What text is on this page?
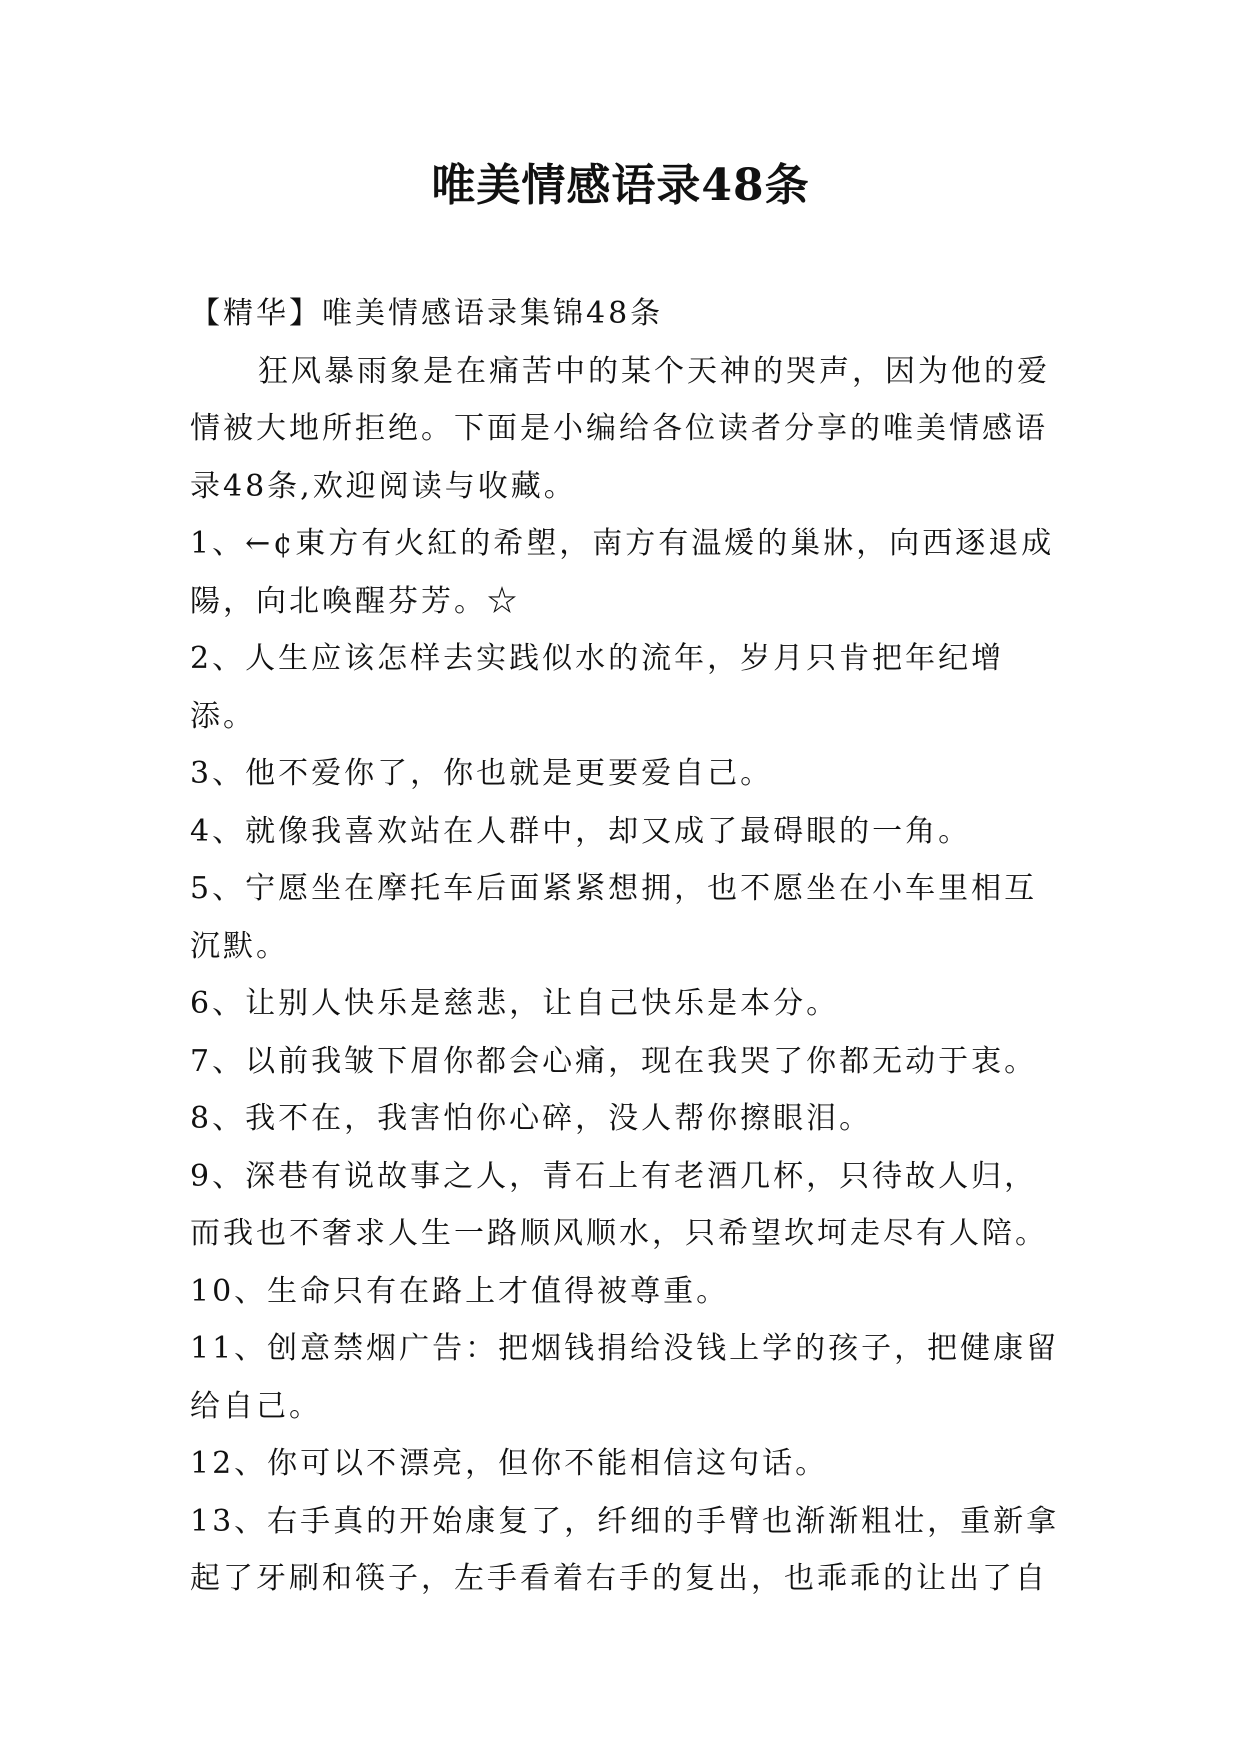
唯美情感语录48条

【精华】唯美情感语录集锦48条

狂风暴雨象是在痛苦中的某个天神的哭声，因为他的爱情被大地所拒绝。下面是小编给各位读者分享的唯美情感语录48条,欢迎阅读与收藏。

1、←¢東方有火紅的希塱，南方有温煖的巢牀，向西逐退成陽，向北喚醒芬芳。☆

2、人生应该怎样去实践似水的流年，岁月只肯把年纪增添。

3、他不爱你了，你也就是更要爱自己。

4、就像我喜欢站在人群中，却又成了最碍眼的一角。

5、宁愿坐在摩托车后面紧紧想拥，也不愿坐在小车里相互沉默。

6、让别人快乐是慈悲，让自己快乐是本分。

7、以前我皱下眉你都会心痛，现在我哭了你都无动于衷。

8、我不在，我害怕你心碎，没人帮你擦眼泪。

9、深巷有说故事之人，青石上有老酒几杯，只待故人归，而我也不奢求人生一路顺风顺水，只希望坎坷走尽有人陪。

10、生命只有在路上才值得被尊重。

11、创意禁烟广告：把烟钱捐给没钱上学的孩子，把健康留给自己。

12、你可以不漂亮，但你不能相信这句话。

13、右手真的开始康复了，纤细的手臂也渐渐粗壮，重新拿起了牙刷和筷子，左手看着右手的复出，也乖乖的让出了自
